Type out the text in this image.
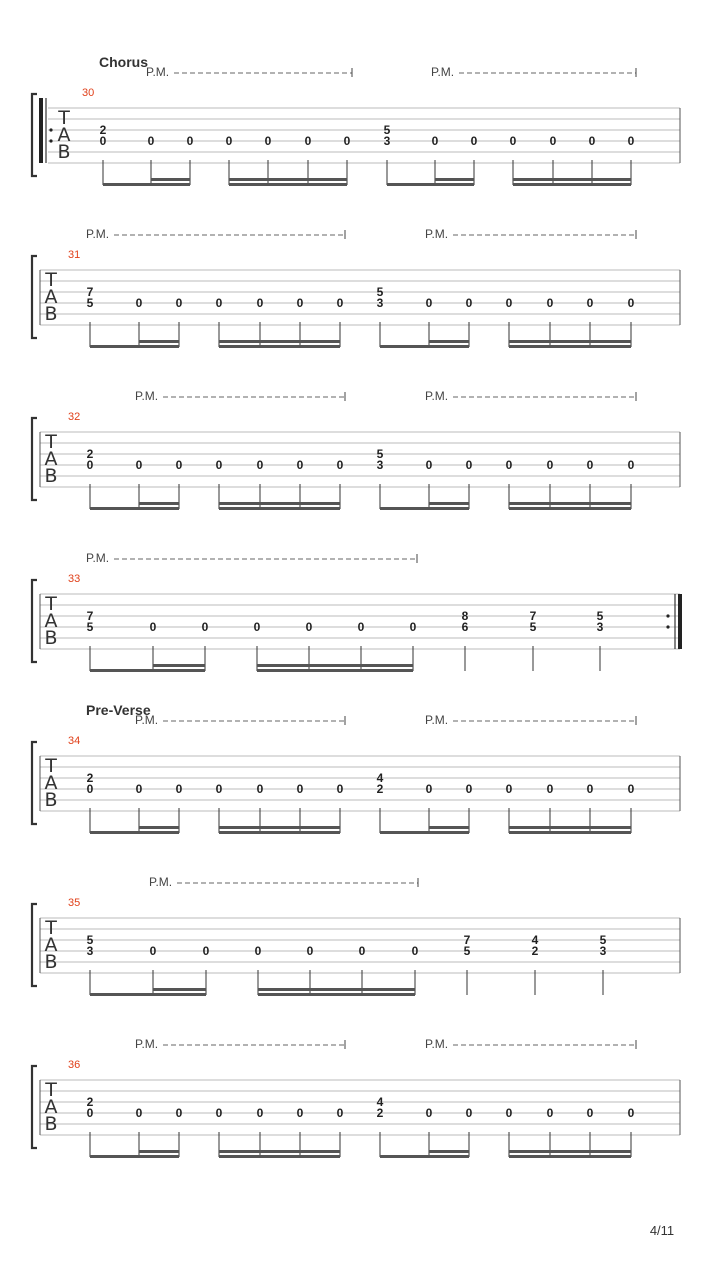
T
A
B
30
Chorus
P.M.	P.M.
2
0	0	0	0	0	0	0
5
3	0	0	0	0	0	0
T
A
B
31
P.M.	P.M.
7
5	0	0	0	0	0	0
5
3	0	0	0	0	0	0
T
A
B
32
P.M.	P.M.
2
0	0	0	0	0	0	0
5
3	0	0	0	0	0	0
T
A
B
33
P.M.
7
5	0	0	0	0	0	0
8
6
7
5
5
3
T
A
B
34
Pre-Verse
P.M.	P.M.
2
0	0	0	0	0	0	0
4
2	0	0	0	0	0	0
T
A
B
35
P.M.
5
3	0	0	0	0	0	0
7
5
4
2
5
3
T
A
B
36
P.M.	P.M.
2
0	0	0	0	0	0	0
4
2	0	0	0	0	0	0
4/11
